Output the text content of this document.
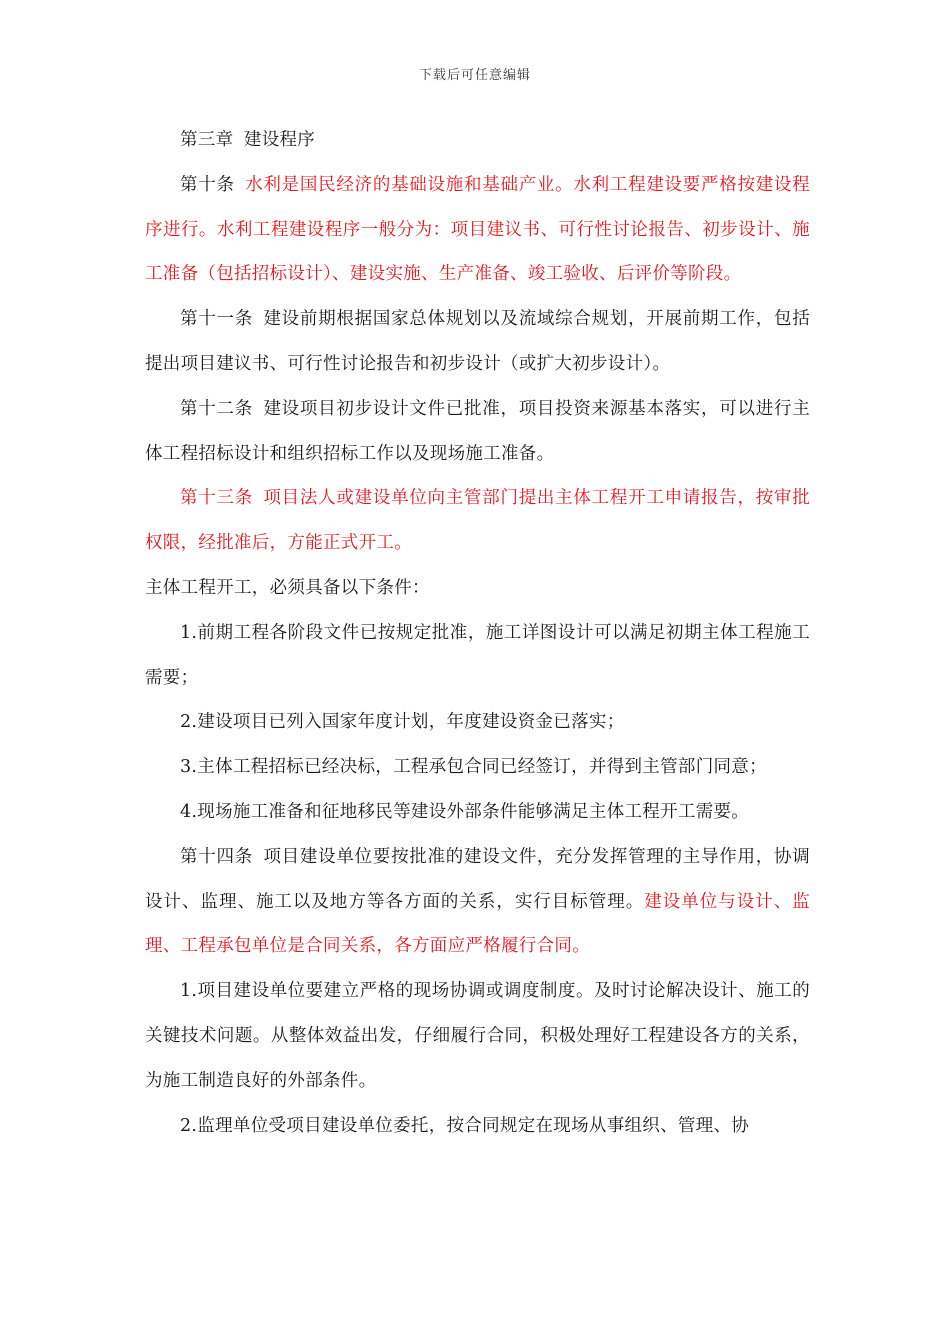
下载后可任意编辑

第三章 建设程序

第十条 水利是国民经济的基础设施和基础产业。水利工程建设要严格按建设程序进行。水利工程建设程序一般分为：项目建议书、可行性讨论报告、初步设计、施工准备（包括招标设计）、建设实施、生产准备、竣工验收、后评价等阶段。

第十一条 建设前期根据国家总体规划以及流域综合规划，开展前期工作，包括提出项目建议书、可行性讨论报告和初步设计（或扩大初步设计）。

第十二条 建设项目初步设计文件已批准，项目投资来源基本落实，可以进行主体工程招标设计和组织招标工作以及现场施工准备。

第十三条 项目法人或建设单位向主管部门提出主体工程开工申请报告，按审批权限，经批准后，方能正式开工。

主体工程开工，必须具备以下条件：

1.前期工程各阶段文件已按规定批准，施工详图设计可以满足初期主体工程施工需要；

2.建设项目已列入国家年度计划，年度建设资金已落实；

3.主体工程招标已经决标，工程承包合同已经签订，并得到主管部门同意；

4.现场施工准备和征地移民等建设外部条件能够满足主体工程开工需要。

第十四条 项目建设单位要按批准的建设文件，充分发挥管理的主导作用，协调设计、监理、施工以及地方等各方面的关系，实行目标管理。建设单位与设计、监理、工程承包单位是合同关系，各方面应严格履行合同。

1.项目建设单位要建立严格的现场协调或调度制度。及时讨论解决设计、施工的关键技术问题。从整体效益出发，仔细履行合同，积极处理好工程建设各方的关系，为施工制造良好的外部条件。

2.监理单位受项目建设单位委托，按合同规定在现场从事组织、管理、协
